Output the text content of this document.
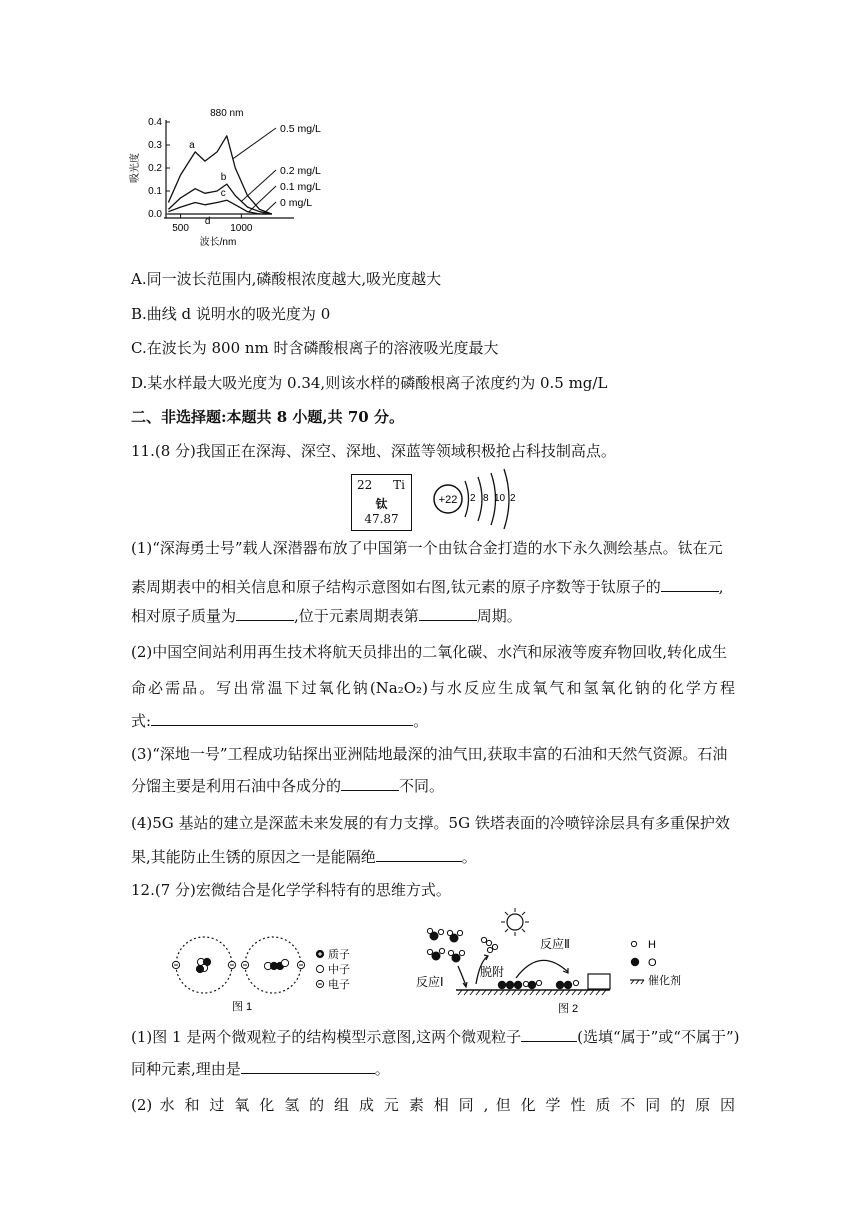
0.0
0.1
0.2
0.3
0.4
500	1000
波长/nm
吸光度
a
b
c
d
0.5 mg/L
0.2 mg/L
0.1 mg/L
0 mg/L
880 nm
A.同一波长范围内,磷酸根浓度越大,吸光度越大
B.曲线 d 说明水的吸光度为 0
C.在波长为 800 nm 时含磷酸根离子的溶液吸光度最大
D.某水样最大吸光度为 0.34,则该水样的磷酸根离子浓度约为 0.5 mg/L
二、非选择题:本题共 8 小题,共 70 分。
11.(8 分)我国正在深海、深空、深地、深蓝等领域积极抢占科技制高点。
22 Ti
钛
47.87
+22 2 8 10 2
(1)“深海勇士号”载人深潜器布放了中国第一个由钛合金打造的水下永久测绘基点。钛在元
素周期表中的相关信息和原子结构示意图如右图,钛元素的原子序数等于钛原子的	,
相对原子质量为	,位于元素周期表第	周期。
(2)中国空间站利用再生技术将航天员排出的二氧化碳、水汽和尿液等废弃物回收,转化成生
命必需品。写出常温下过氧化钠(Na₂O₂)与水反应生成氧气和氢氧化钠的化学方程
式:	。
(3)“深地一号”工程成功钻探出亚洲陆地最深的油气田,获取丰富的石油和天然气资源。石油
分馏主要是利用石油中各成分的	不同。
(4)5G 基站的建立是深蓝未来发展的有力支撑。5G 铁塔表面的冷喷锌涂层具有多重保护效
果,其能防止生锈的原因之一是能隔绝	。
12.(7 分)宏微结合是化学学科特有的思维方式。
质子
中子
电子
图 1
反应Ⅰ
脱附
反应Ⅱ
图 2
H
O
催化剂
(1)图 1 是两个微观粒子的结构模型示意图,这两个微观粒子	(选填“属于”或“不属于”)
同种元素,理由是	。
(2) 水 和 过 氧 化 氢 的 组 成 元 素 相 同 , 但 化 学 性 质 不 同 的 原 因
